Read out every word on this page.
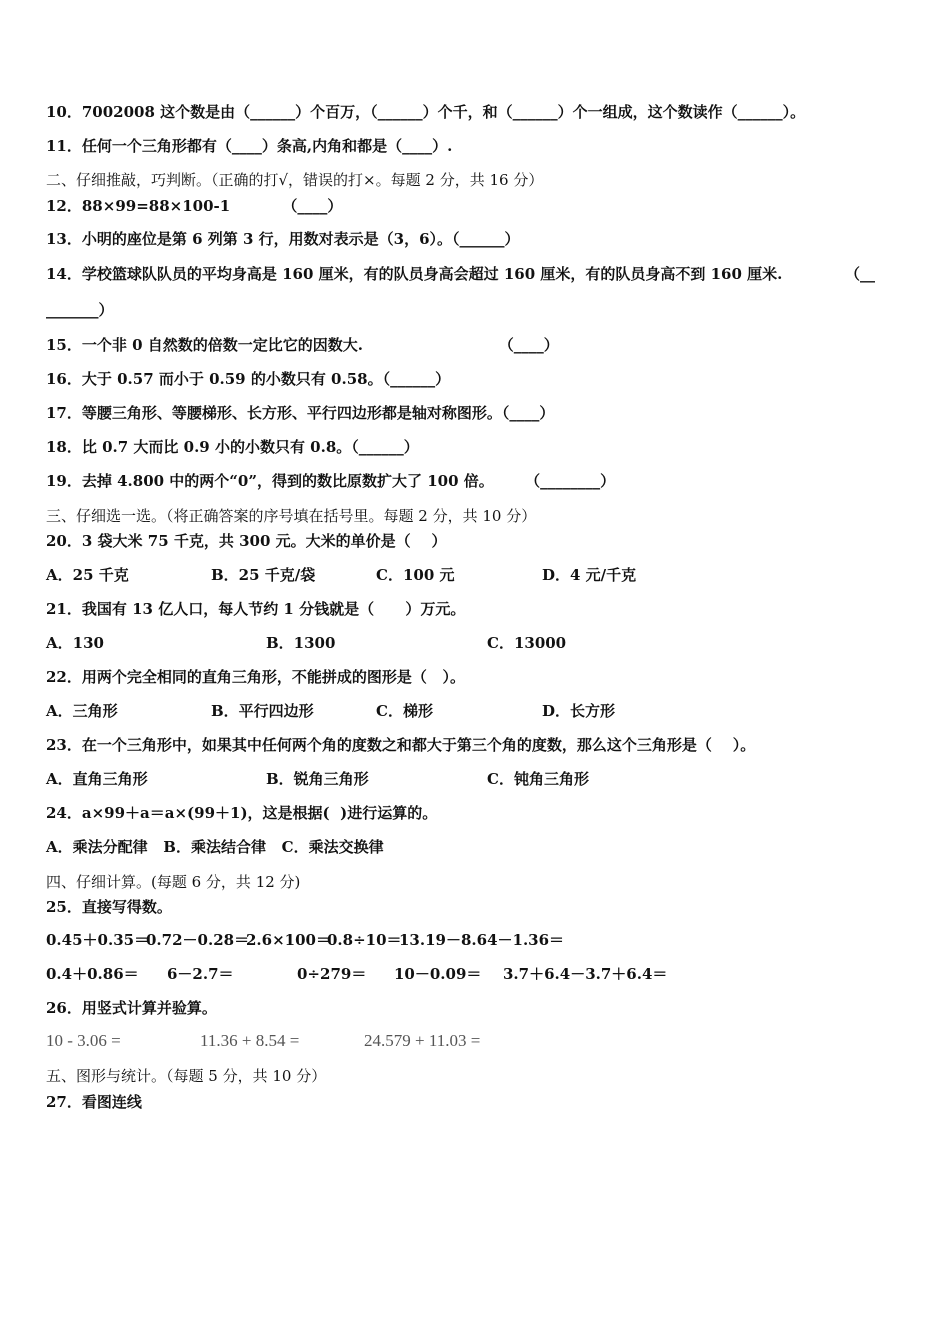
10．7002008 这个数是由（______）个百万，（______）个千，和（______）个一组成，这个数读作（______）。
11．任何一个三角形都有（____）条高,内角和都是（____）.
二、仔细推敲，巧判断。（正确的打√，错误的打×。每题 2 分，共 16 分）
12．88×99=88×100-1          （____）
13．小明的座位是第 6 列第 3 行，用数对表示是（3，6）。（______）
14．学校篮球队队员的平均身高是 160 厘米，有的队员身高会超过 160 厘米，有的队员身高不到 160 厘米.            （__
_______）
15．一个非 0 自然数的倍数一定比它的因数大.                          （____）
16．大于 0.57 而小于 0.59 的小数只有 0.58。（______）
17．等腰三角形、等腰梯形、长方形、平行四边形都是轴对称图形。（____）
18．比 0.7 大而比 0.9 小的小数只有 0.8。（______）
19．去掉 4.800 中的两个“0”，得到的数比原数扩大了 100 倍。      （________）
三、仔细选一选。（将正确答案的序号填在括号里。每题 2 分，共 10 分）
20．3 袋大米 75 千克，共 300 元。大米的单价是（    ）

A．25 千克

	B．25 千克/袋

	C．100 元

	D．4 元/千克

21．我国有 13 亿人口，每人节约 1 分钱就是（      ）万元。

A．130

	B．1300

	C．13000

22．用两个完全相同的直角三角形，不能拼成的图形是（   ）。

A．三角形

	B．平行四边形

	C．梯形

	D．长方形

23．在一个三角形中，如果其中任何两个角的度数之和都大于第三个角的度数，那么这个三角形是（    ）。

A．直角三角形

	B．锐角三角形

	C．钝角三角形

24．a×99＋a＝a×(99＋1)，这是根据(  )进行运算的。
A．乘法分配律   B．乘法结合律   C．乘法交换律
四、仔细计算。(每题 6 分，共 12 分)
25．直接写得数。

0.45＋0.35＝

0.72－0.28＝

2.6×100＝

0.8÷10＝

13.19－8.64－1.36＝

0.4＋0.86＝

6－2.7＝

	0÷279＝

10－0.09＝

3.7＋6.4－3.7＋6.4＝

26．用竖式计算并验算。

10 - 3.06 =

	11.36 + 8.54 =

	24.579 + 11.03 =

五、图形与统计。（每题 5 分，共 10 分）
27．看图连线
